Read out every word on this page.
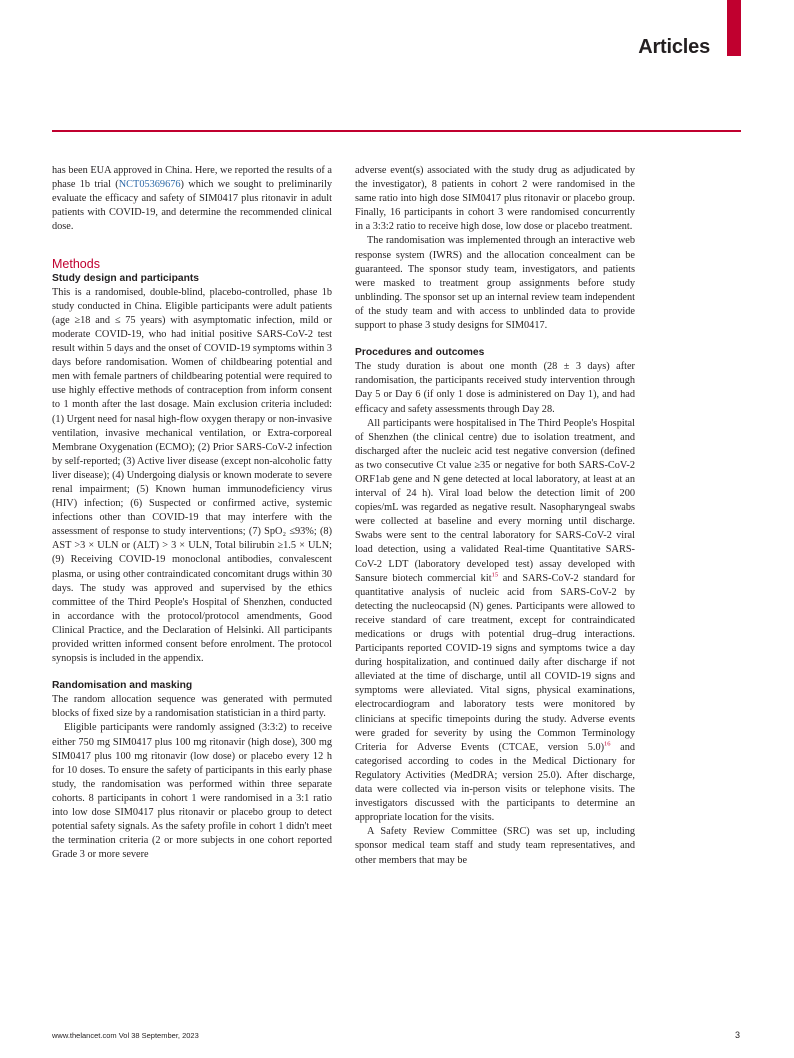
Articles

has been EUA approved in China. Here, we reported the results of a phase 1b trial (NCT05369676) which we sought to preliminarily evaluate the efficacy and safety of SIM0417 plus ritonavir in adult patients with COVID-19, and determine the recommended clinical dose.

Methods
Study design and participants

This is a randomised, double-blind, placebo-controlled, phase 1b study conducted in China. Eligible participants were adult patients (age ≥18 and ≤ 75 years) with asymptomatic infection, mild or moderate COVID-19, who had initial positive SARS-CoV-2 test result within 5 days and the onset of COVID-19 symptoms within 3 days before randomisation. Women of childbearing potential and men with female partners of childbearing potential were required to use highly effective methods of contraception from inform consent to 1 month after the last dosage. Main exclusion criteria included: (1) Urgent need for nasal high-flow oxygen therapy or non-invasive ventilation, invasive mechanical ventilation, or Extra-corporeal Membrane Oxygenation (ECMO); (2) Prior SARS-CoV-2 infection by self-reported; (3) Active liver disease (except non-alcoholic fatty liver disease); (4) Undergoing dialysis or known moderate to severe renal impairment; (5) Known human immunodeficiency virus (HIV) infection; (6) Suspected or confirmed active, systemic infections other than COVID-19 that may interfere with the assessment of response to study interventions; (7) SpO₂ ≤93%; (8) AST >3 × ULN or (ALT) > 3 × ULN, Total bilirubin ≥1.5 × ULN; (9) Receiving COVID-19 monoclonal antibodies, convalescent plasma, or using other contraindicated concomitant drugs within 30 days. The study was approved and supervised by the ethics committee of the Third People's Hospital of Shenzhen, conducted in accordance with the protocol/protocol amendments, Good Clinical Practice, and the Declaration of Helsinki. All participants provided written informed consent before enrolment. The protocol synopsis is included in the appendix.

Randomisation and masking

The random allocation sequence was generated with permuted blocks of fixed size by a randomisation statistician in a third party.

Eligible participants were randomly assigned (3:3:2) to receive either 750 mg SIM0417 plus 100 mg ritonavir (high dose), 300 mg SIM0417 plus 100 mg ritonavir (low dose) or placebo every 12 h for 10 doses. To ensure the safety of participants in this early phase study, the randomisation was performed within three separate cohorts. 8 participants in cohort 1 were randomised in a 3:1 ratio into low dose SIM0417 plus ritonavir or placebo group to detect potential safety signals. As the safety profile in cohort 1 didn't meet the termination criteria (2 or more subjects in one cohort reported Grade 3 or more severe

adverse event(s) associated with the study drug as adjudicated by the investigator), 8 patients in cohort 2 were randomised in the same ratio into high dose SIM0417 plus ritonavir or placebo group. Finally, 16 participants in cohort 3 were randomised concurrently in a 3:3:2 ratio to receive high dose, low dose or placebo treatment.

The randomisation was implemented through an interactive web response system (IWRS) and the allocation concealment can be guaranteed. The sponsor study team, investigators, and patients were masked to treatment group assignments before study unblinding. The sponsor set up an internal review team independent of the study team and with access to unblinded data to provide support to phase 3 study designs for SIM0417.

Procedures and outcomes

The study duration is about one month (28 ± 3 days) after randomisation, the participants received study intervention through Day 5 or Day 6 (if only 1 dose is administered on Day 1), and had efficacy and safety assessments through Day 28.

All participants were hospitalised in The Third People's Hospital of Shenzhen (the clinical centre) due to isolation treatment, and discharged after the nucleic acid test negative conversion (defined as two consecutive Ct value ≥35 or negative for both SARS-CoV-2 ORF1ab gene and N gene detected at local laboratory, at least at an interval of 24 h). Viral load below the detection limit of 200 copies/mL was regarded as negative result. Nasopharyngeal swabs were collected at baseline and every morning until discharge. Swabs were sent to the central laboratory for SARS-CoV-2 viral load detection, using a validated Real-time Quantitative SARS-CoV-2 LDT (laboratory developed test) assay developed with Sansure biotech commercial kit$^{15}$ and SARS-CoV-2 standard for quantitative analysis of nucleic acid from SARS-CoV-2 by detecting the nucleocapsid (N) genes. Participants were allowed to receive standard of care treatment, except for contraindicated medications or drugs with potential drug–drug interactions. Participants reported COVID-19 signs and symptoms twice a day during hospitalization, and continued daily after discharge if not alleviated at the time of discharge, until all COVID-19 signs and symptoms were alleviated. Vital signs, physical examinations, electrocardiogram and laboratory tests were monitored by clinicians at specific timepoints during the study. Adverse events were graded for severity by using the Common Terminology Criteria for Adverse Events (CTCAE, version 5.0)$^{16}$ and categorised according to codes in the Medical Dictionary for Regulatory Activities (MedDRA; version 25.0). After discharge, data were collected via in-person visits or telephone visits. The investigators discussed with the participants to determine an appropriate location for the visits.

A Safety Review Committee (SRC) was set up, including sponsor medical team staff and study team representatives, and other members that may be

www.thelancet.com Vol 38 September, 2023	3
